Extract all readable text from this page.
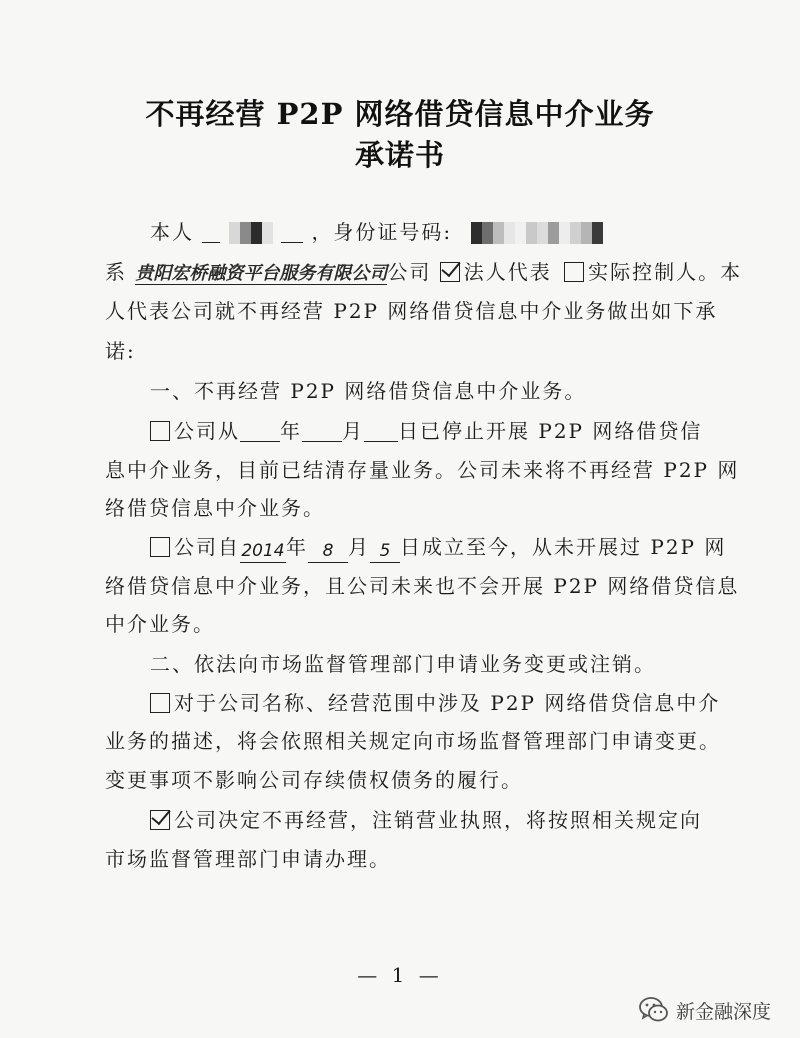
不再经营 P2P 网络借贷信息中介业务
承诺书
本人	，身份证号码:
系 贵阳宏桥融资平台服务有限公司公司 法人代表 实际控制人。本
人代表公司就不再经营 P2P 网络借贷信息中介业务做出如下承
诺:
一、不再经营 P2P 网络借贷信息中介业务。
公司从 年 月 日已停止开展 P2P 网络借贷信
息中介业务，目前已结清存量业务。公司未来将不再经营 P2P 网
络借贷信息中介业务。
公司自2014年 8 月 5 日成立至今，从未开展过 P2P 网
络借贷信息中介业务，且公司未来也不会开展 P2P 网络借贷信息
中介业务。
二、依法向市场监督管理部门申请业务变更或注销。
对于公司名称、经营范围中涉及 P2P 网络借贷信息中介
业务的描述，将会依照相关规定向市场监督管理部门申请变更。
变更事项不影响公司存续债权债务的履行。
公司决定不再经营，注销营业执照，将按照相关规定向
市场监督管理部门申请办理。
— 1 —
新金融深度
